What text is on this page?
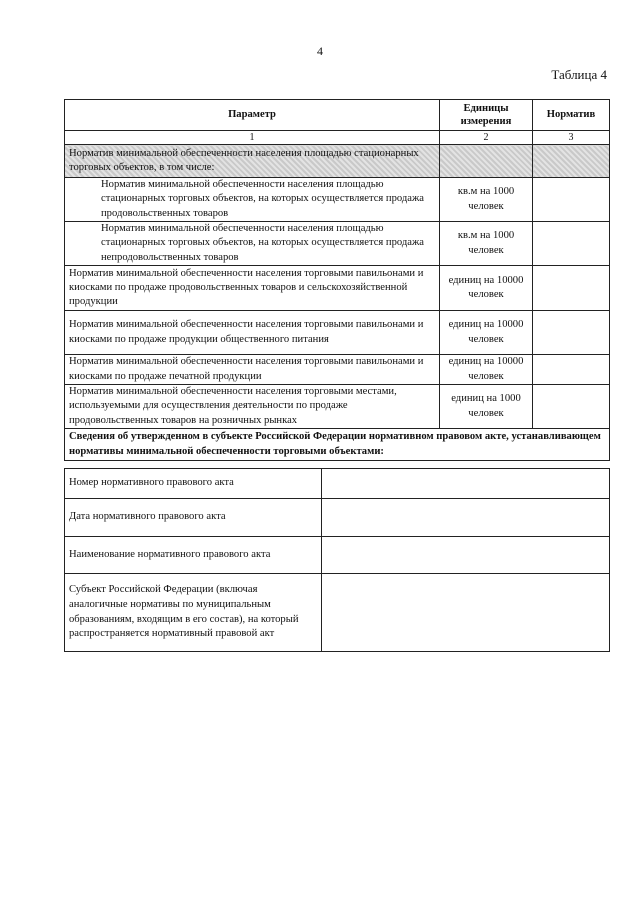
4
Таблица 4
Параметр	Единицы измерения	Норматив
1	2	3
Норматив минимальной обеспеченности населения площадью стационарных торговых объектов, в том числе:		
Норматив минимальной обеспеченности населения площадью стационарных торговых объектов, на которых осуществляется продажа продовольственных товаров	кв.м на 1000 человек	
Норматив минимальной обеспеченности населения площадью стационарных торговых объектов, на которых осуществляется продажа непродовольственных товаров	кв.м на 1000 человек	
Норматив минимальной обеспеченности населения торговыми павильонами и киосками по продаже продовольственных товаров и сельскохозяйственной продукции	единиц на 10000 человек	
Норматив минимальной обеспеченности населения торговыми павильонами и киосками по продаже продукции общественного питания	единиц на 10000 человек	
Норматив минимальной обеспеченности населения торговыми павильонами и киосками по продаже печатной продукции	единиц на 10000 человек	
Норматив минимальной обеспеченности населения торговыми местами, используемыми для осуществления деятельности по продаже продовольственных товаров на розничных рынках	единиц на 1000 человек	
Сведения об утвержденном в субъекте Российской Федерации нормативном правовом акте, устанавливающем нормативы минимальной обеспеченности торговыми объектами:		
Номер нормативного правового акта	
Дата нормативного правового акта	
Наименование нормативного правового акта	
Субъект Российской Федерации (включая аналогичные нормативы по муниципальным образованиям, входящим в его состав), на который распространяется нормативный правовой акт	
